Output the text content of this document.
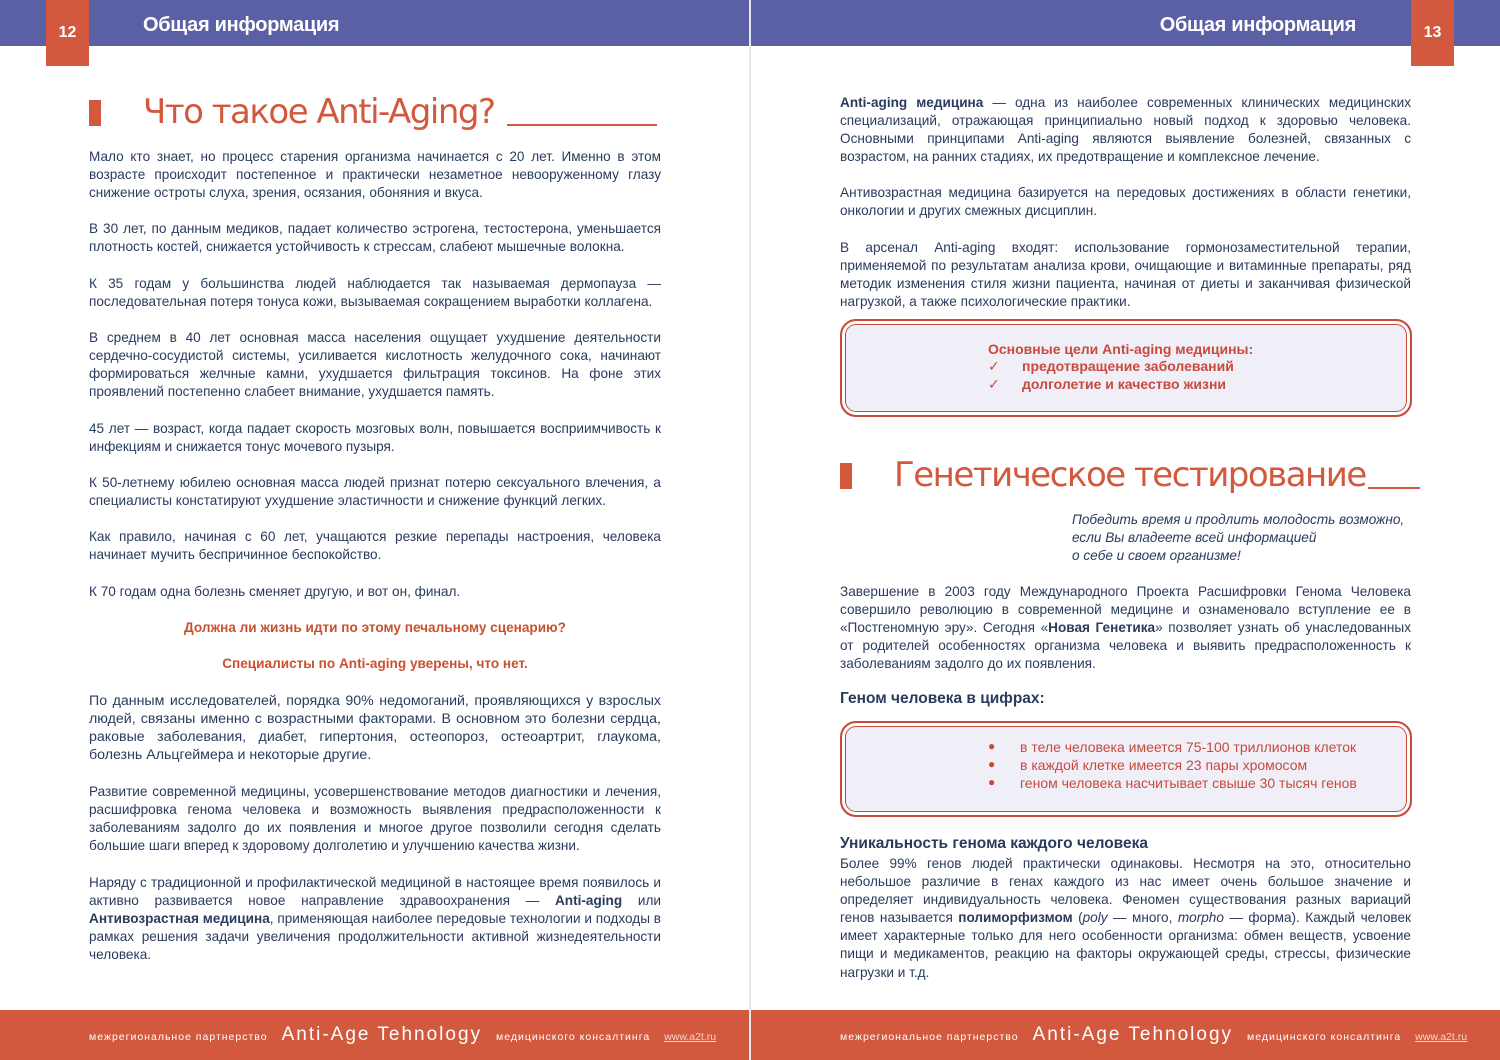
12	13
Общая информация	Общая информация
Что такое Anti-Aging?

Мало кто знает, но процесс старения организма начинается с 20 лет. Именно в этом возрасте происходит постепенное и практически незаметное невооруженному глазу снижение остроты слуха, зрения, осязания, обоняния и вкуса.

В 30 лет, по данным медиков, падает количество эстрогена, тестостерона, уменьшается плотность костей, снижается устойчивость к стрессам, слабеют мышечные волокна.

К 35 годам у большинства людей наблюдается так называемая дермопауза — последовательная потеря тонуса кожи, вызываемая сокращением выработки коллагена.

В среднем в 40 лет основная масса населения ощущает ухудшение деятельности сердечно-сосудистой системы, усиливается кислотность желудочного сока, начинают формироваться желчные камни, ухудшается фильтрация токсинов. На фоне этих проявлений постепенно слабеет внимание, ухудшается память.

45 лет — возраст, когда падает скорость мозговых волн, повышается восприимчивость к инфекциям и снижается тонус мочевого пузыря.

К 50-летнему юбилею основная масса людей признат потерю сексуального влечения, а специалисты констатируют ухудшение эластичности и снижение функций легких.

Как правило, начиная с 60 лет, учащаются резкие перепады настроения, человека начинает мучить беспричинное беспокойство.

К 70 годам одна болезнь сменяет другую, и вот он, финал.

Должна ли жизнь идти по этому печальному сценарию?
Специалисты по Anti-aging уверены, что нет.

По данным исследователей, порядка 90% недомоганий, проявляющихся у взрослых людей, связаны именно с возрастными факторами. В основном это болезни сердца, раковые заболевания, диабет, гипертония, остеопороз, остеоартрит, глаукома, болезнь Альцгеймера и некоторые другие.

Развитие современной медицины, усовершенствование методов диагностики и лечения, расшифровка генома человека и возможность выявления предрасположенности к заболеваниям задолго до их появления и многое другое позволили сегодня сделать большие шаги вперед к здоровому долголетию и улучшению качества жизни.

Наряду с традиционной и профилактической медициной в настоящее время появилось и активно развивается новое направление здравоохранения — Anti-aging или Антивозрастная медицина, применяющая наиболее передовые технологии и подходы в рамках решения задачи увеличения продолжительности активной жизнедеятельности человека.

Anti-aging медицина — одна из наиболее современных клинических медицинских специализаций, отражающая принципиально новый подход к здоровью человека. Основными принципами Anti-aging являются выявление болезней, связанных с возрастом, на ранних стадиях, их предотвращение и комплексное лечение.

Антивозрастная медицина базируется на передовых достижениях в области генетики, онкологии и других смежных дисциплин.

В арсенал Anti-aging входят: использование гормонозаместительной терапии, применяемой по результатам анализа крови, очищающие и витаминные препараты, ряд методик изменения стиля жизни пациента, начиная от диеты и заканчивая физической нагрузкой, а также психологические практики.

Основные цели Anti-aging медицины:
✓	предотвращение заболеваний
✓	долголетие и качество жизни
Генетическое тестирование
Победить время и продлить молодость возможно,
если Вы владеете всей информацией
о себе и своем организме!

Завершение в 2003 году Международного Проекта Расшифровки Генома Человека совершило революцию в современной медицине и ознаменовало вступление ее в «Постгеномную эру». Сегодня «Новая Генетика» позволяет узнать об унаследованных от родителей особенностях организма человека и выявить предрасположенность к заболеваниям задолго до их появления.

Геном человека в цифрах:
●	в теле человека имеется 75-100 триллионов клеток
●	в каждой клетке имеется 23 пары хромосом
●	геном человека насчитывает свыше 30 тысяч генов
Уникальность генома каждого человека

Более 99% генов людей практически одинаковы. Несмотря на это, относительно небольшое различие в генах каждого из нас имеет очень большое значение и определяет индивидуальность человека. Феномен существования разных вариаций генов называется полиморфизмом (poly — много, morpho — форма). Каждый человек имеет характерные только для него особенности организма: обмен веществ, усвоение пищи и медикаментов, реакцию на факторы окружающей среды, стрессы, физические нагрузки и т.д.

межрегиональное партнерство Anti-Age Tehnology медицинского консалтинга www.a2t.ru	межрегиональное партнерство Anti-Age Tehnology медицинского консалтинга www.a2t.ru
